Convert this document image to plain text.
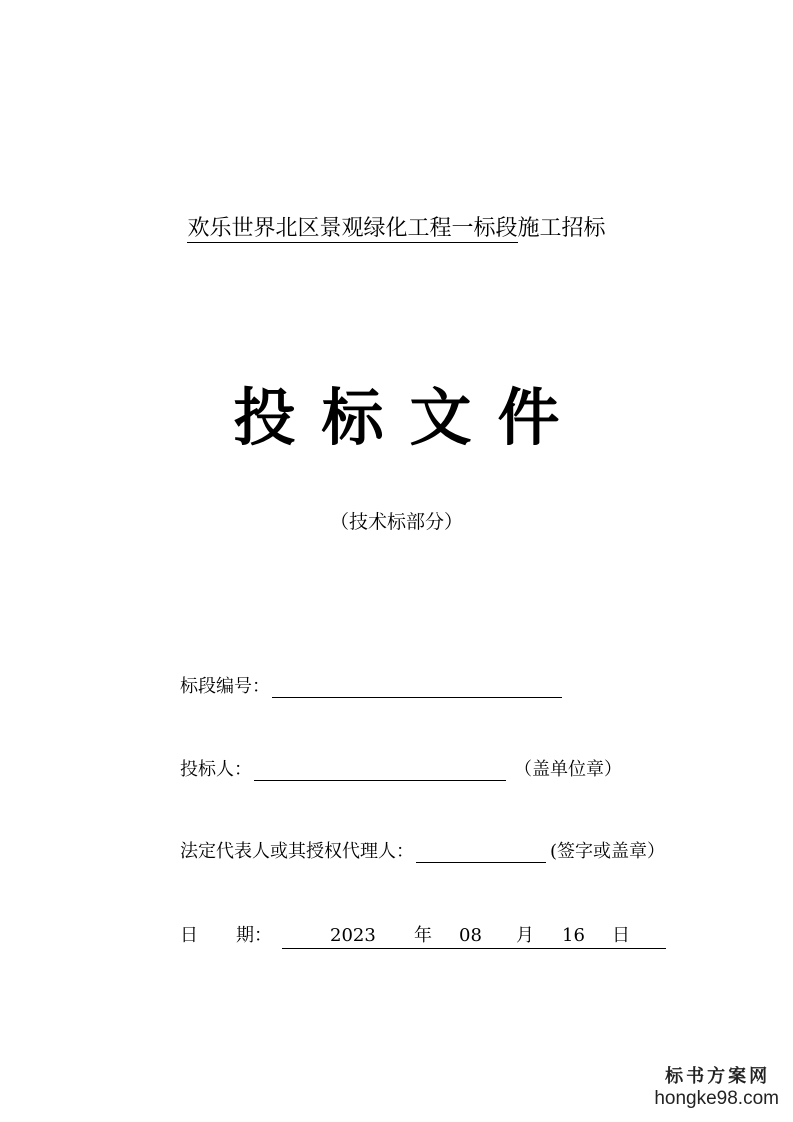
欢乐世界北区景观绿化工程一标段施工招标
投标文件
（技术标部分）
标段编号：
投标人：	（盖单位章）
法定代表人或其授权代理人：	(签字或盖章）
日	期：	2023 年 08 月 16 日
标书方案网
hongke98.com
